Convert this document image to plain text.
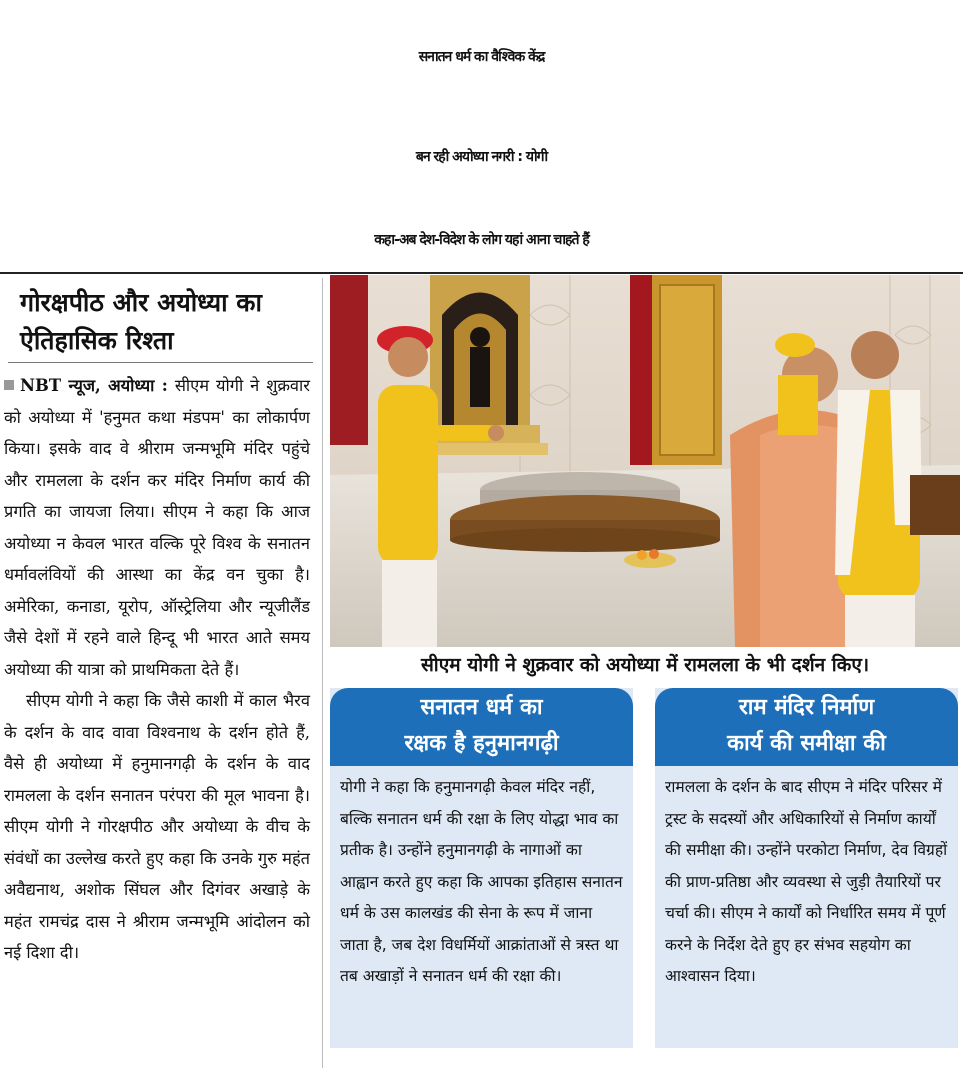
सनातन धर्म का वैश्विक केंद्र
बन रही अयोध्या नगरी : योगी
कहा-अब देश-विदेश के लोग यहां आना चाहते हैं
गोरक्षपीठ और अयोध्या का ऐतिहासिक रिश्ता

NBT न्यूज, अयोध्या : सीएम योगी ने शुक्रवार को अयोध्या में 'हनुमत कथा मंडपम' का लोकार्पण किया। इसके वाद वे श्रीराम जन्मभूमि मंदिर पहुंचे और रामलला के दर्शन कर मंदिर निर्माण कार्य की प्रगति का जायजा लिया। सीएम ने कहा कि आज अयोध्या न केवल भारत वल्कि पूरे विश्व के सनातन धर्मावलंवियों की आस्था का केंद्र वन चुका है। अमेरिका, कनाडा, यूरोप, ऑस्ट्रेलिया और न्यूजीलैंड जैसे देशों में रहने वाले हिन्दू भी भारत आते समय अयोध्या की यात्रा को प्राथमिकता देते हैं।

सीएम योगी ने कहा कि जैसे काशी में काल भैरव के दर्शन के वाद वावा विश्वनाथ के दर्शन होते हैं, वैसे ही अयोध्या में हनुमानगढ़ी के दर्शन के वाद रामलला के दर्शन सनातन परंपरा की मूल भावना है। सीएम योगी ने गोरक्षपीठ और अयोध्या के वीच के संवंधों का उल्लेख करते हुए कहा कि उनके गुरु महंत अवैद्यनाथ, अशोक सिंघल और दिगंवर अखाड़े के महंत रामचंद्र दास ने श्रीराम जन्मभूमि आंदोलन को नई दिशा दी।

सीएम योगी ने शुक्रवार को अयोध्या में रामलला के भी दर्शन किए।
सनातन धर्म का
रक्षक है हनुमानगढ़ी
योगी ने कहा कि हनुमानगढ़ी केवल मंदिर नहीं, बल्कि सनातन धर्म की रक्षा के लिए योद्धा भाव का प्रतीक है। उन्होंने हनुमानगढ़ी के नागाओं का आह्वान करते हुए कहा कि आपका इतिहास सनातन धर्म के उस कालखंड की सेना के रूप में जाना जाता है, जब देश विधर्मियों आक्रांताओं से त्रस्त था तब अखाड़ों ने सनातन धर्म की रक्षा की।
राम मंदिर निर्माण
कार्य की समीक्षा की
रामलला के दर्शन के बाद सीएम ने मंदिर परिसर में ट्रस्ट के सदस्यों और अधिकारियों से निर्माण कार्यों की समीक्षा की। उन्होंने परकोटा निर्माण, देव विग्रहों की प्राण-प्रतिष्ठा और व्यवस्था से जुड़ी तैयारियों पर चर्चा की। सीएम ने कार्यों को निर्धारित समय में पूर्ण करने के निर्देश देते हुए हर संभव सहयोग का आश्वासन दिया।
